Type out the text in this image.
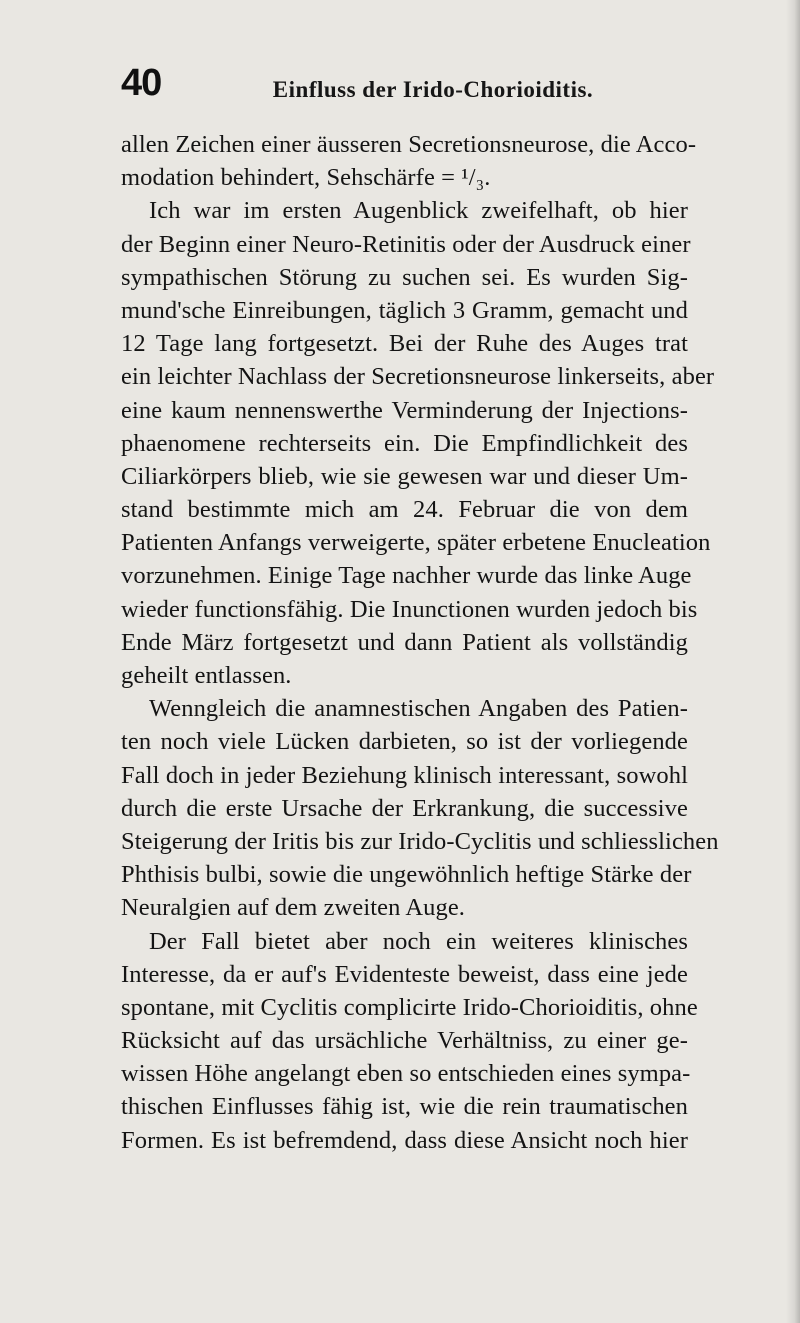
40	Einfluss der Irido-Chorioiditis.
allen Zeichen einer äusseren Secretionsneurose, die Acco-
modation behindert, Sehschärfe = ¹/₃.
Ich war im ersten Augenblick zweifelhaft, ob hier
der Beginn einer Neuro-Retinitis oder der Ausdruck einer
sympathischen Störung zu suchen sei. Es wurden Sig-
mund'sche Einreibungen, täglich 3 Gramm, gemacht und
12 Tage lang fortgesetzt. Bei der Ruhe des Auges trat
ein leichter Nachlass der Secretionsneurose linkerseits, aber
eine kaum nennenswerthe Verminderung der Injections-
phaenomene rechterseits ein. Die Empfindlichkeit des
Ciliarkörpers blieb, wie sie gewesen war und dieser Um-
stand bestimmte mich am 24. Februar die von dem
Patienten Anfangs verweigerte, später erbetene Enucleation
vorzunehmen. Einige Tage nachher wurde das linke Auge
wieder functionsfähig. Die Inunctionen wurden jedoch bis
Ende März fortgesetzt und dann Patient als vollständig
geheilt entlassen.
Wenngleich die anamnestischen Angaben des Patien-
ten noch viele Lücken darbieten, so ist der vorliegende
Fall doch in jeder Beziehung klinisch interessant, sowohl
durch die erste Ursache der Erkrankung, die successive
Steigerung der Iritis bis zur Irido-Cyclitis und schliesslichen
Phthisis bulbi, sowie die ungewöhnlich heftige Stärke der
Neuralgien auf dem zweiten Auge.
Der Fall bietet aber noch ein weiteres klinisches
Interesse, da er auf's Evidenteste beweist, dass eine jede
spontane, mit Cyclitis complicirte Irido-Chorioiditis, ohne
Rücksicht auf das ursächliche Verhältniss, zu einer ge-
wissen Höhe angelangt eben so entschieden eines sympa-
thischen Einflusses fähig ist, wie die rein traumatischen
Formen. Es ist befremdend, dass diese Ansicht noch hier
